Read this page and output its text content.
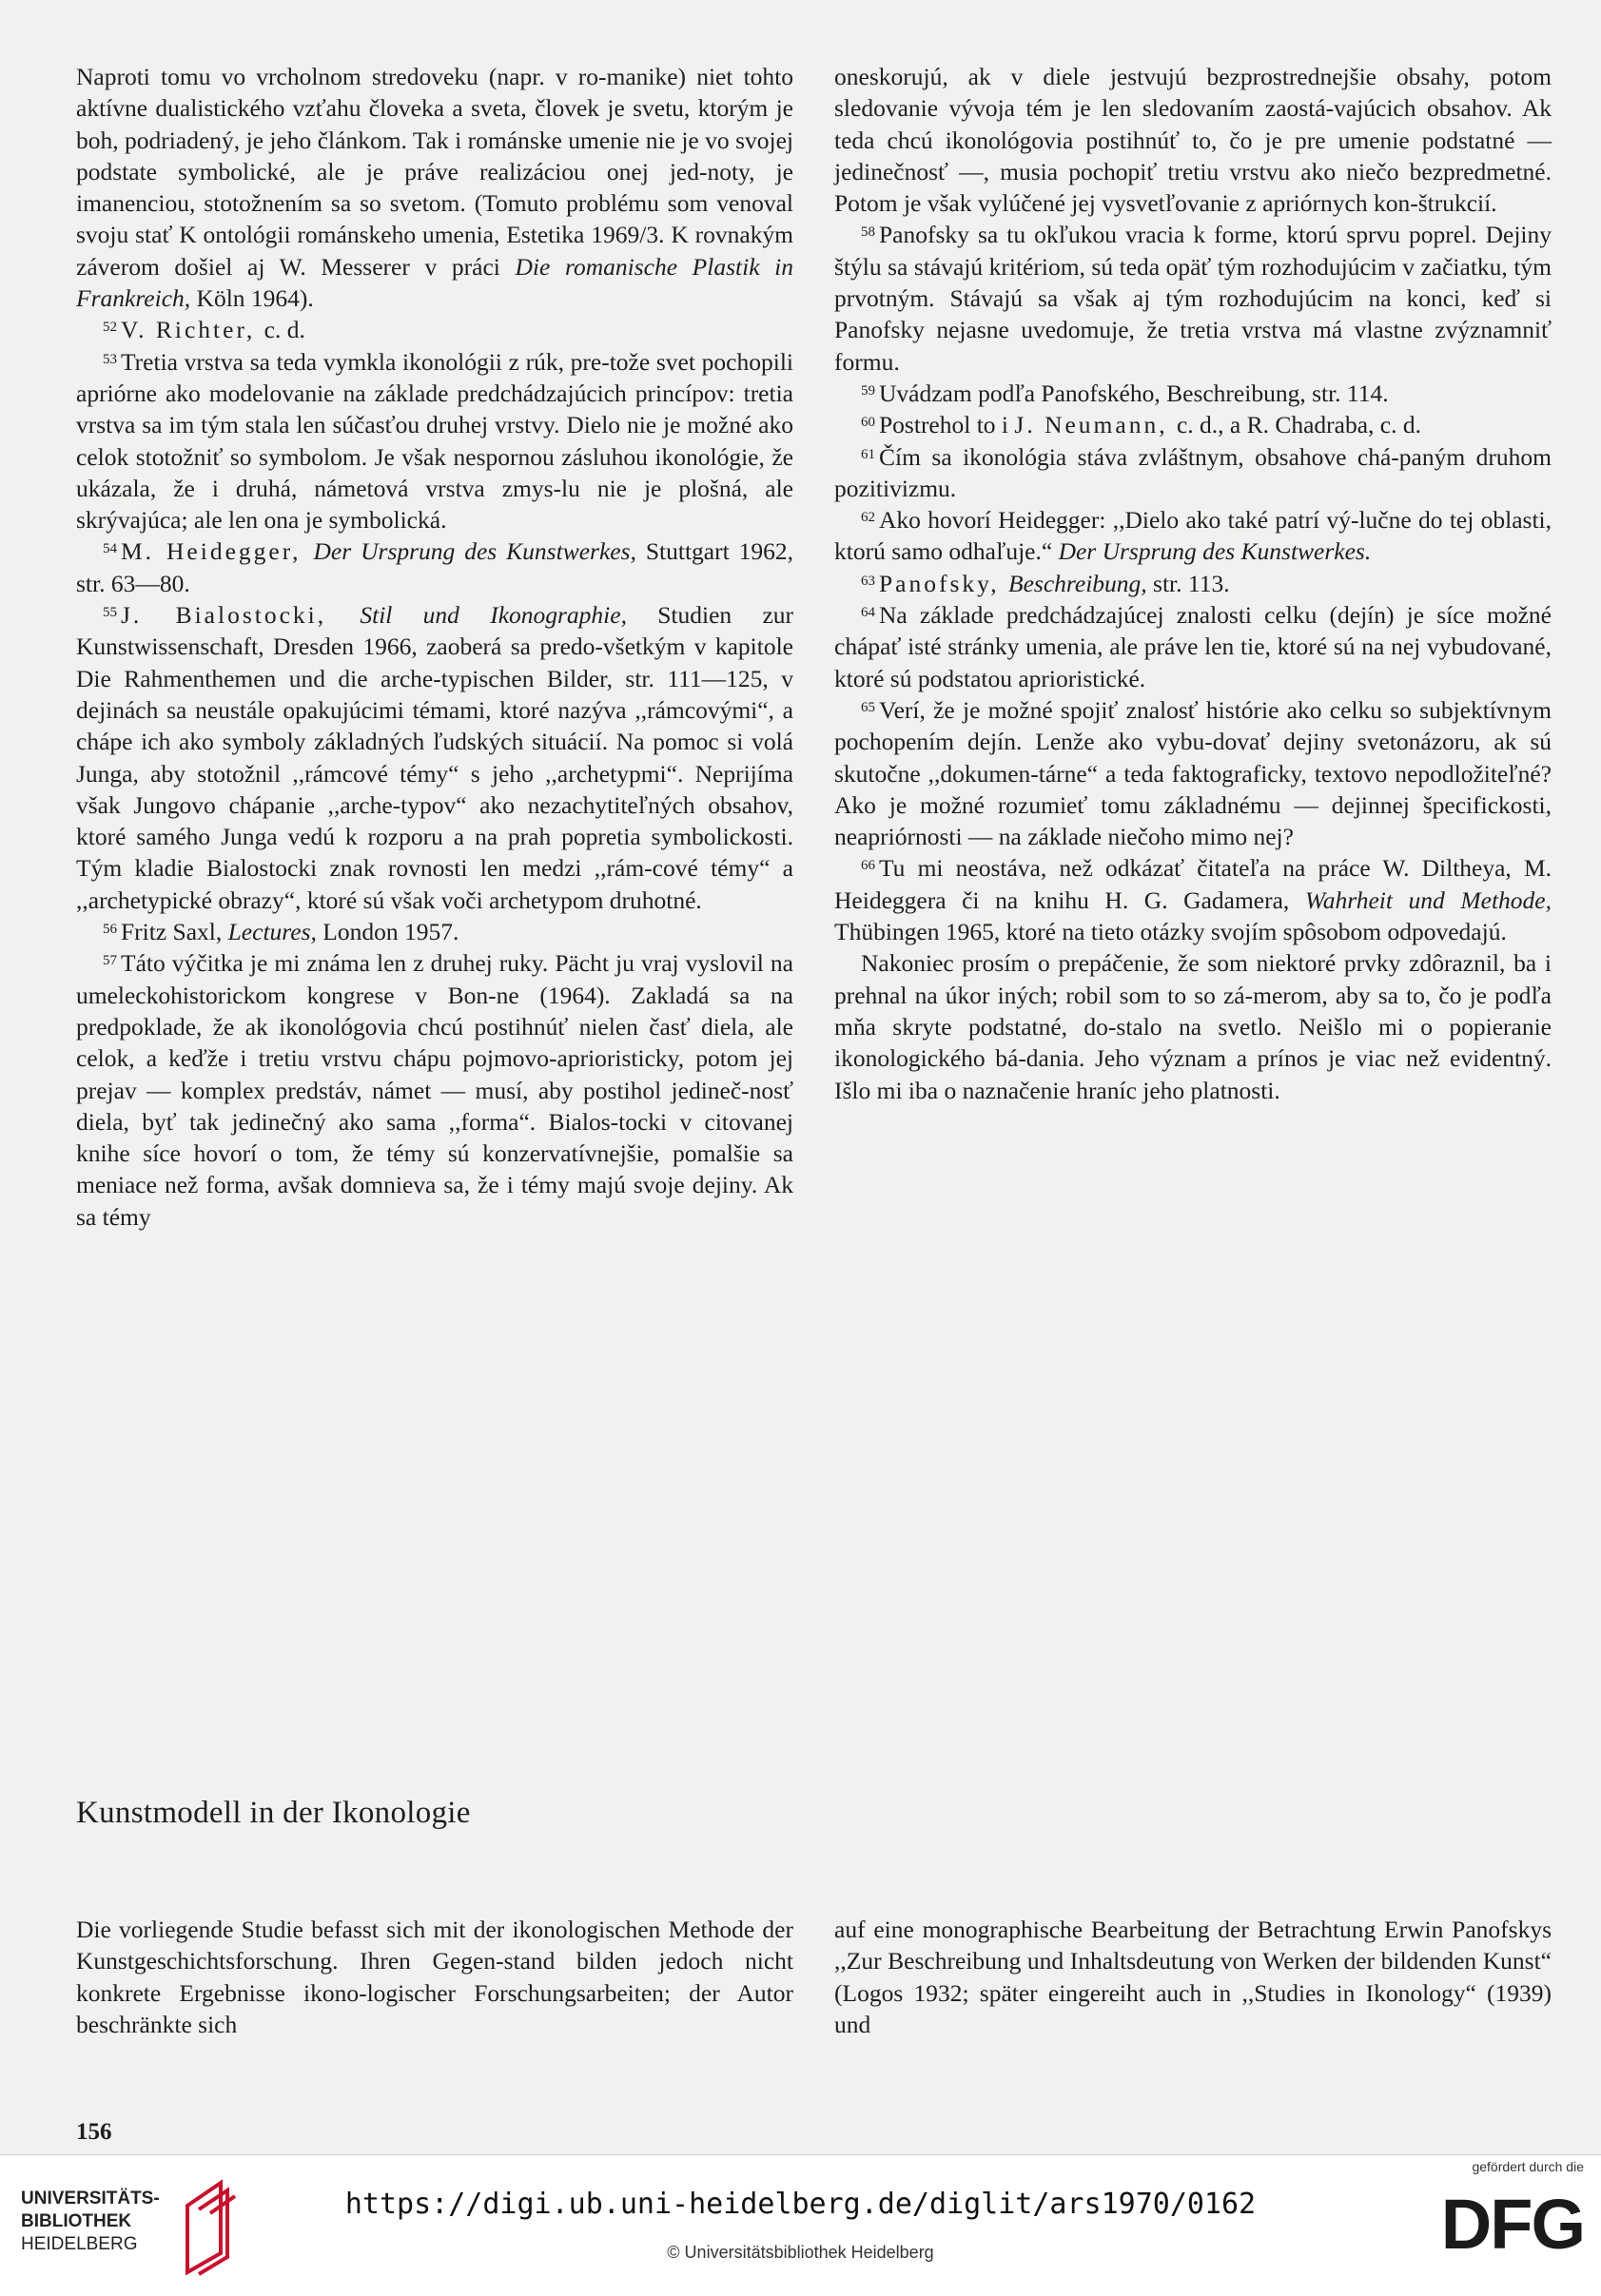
Naproti tomu vo vrcholnom stredoveku (napr. v ro-manike) niet tohto aktívne dualistického vzťahu človeka a sveta, človek je svetu, ktorým je boh, podriadený, je jeho článkom. Tak i románske umenie nie je vo svojej podstate symbolické, ale je práve realizáciou onej jed-noty, je imanenciou, stotožnením sa so svetom. (Tomuto problému som venoval svoju stať K ontológii románskeho umenia, Estetika 1969/3. K rovnakým záverom došiel aj W. Messerer v práci Die romanische Plastik in Frankreich, Köln 1964).

$^{52}$ V. Richter, c. d.

$^{53}$ Tretia vrstva sa teda vymkla ikonológii z rúk, pre-tože svet pochopili apriórne ako modelovanie na základe predchádzajúcich princípov: tretia vrstva sa im tým stala len súčasťou druhej vrstvy. Dielo nie je možné ako celok stotožniť so symbolom. Je však nespornou zásluhou ikonológie, že ukázala, že i druhá, námetová vrstva zmys-lu nie je plošná, ale skrývajúca; ale len ona je symbolická.

$^{54}$ M. Heidegger, Der Ursprung des Kunstwerkes, Stuttgart 1962, str. 63—80.

$^{55}$ J. Bialostocki, Stil und Ikonographie, Studien zur Kunstwissenschaft, Dresden 1966, zaoberá sa predo-všetkým v kapitole Die Rahmenthemen und die arche-typischen Bilder, str. 111—125, v dejinách sa neustále opakujúcimi témami, ktoré nazýva ,,rámcovými“, a chápe ich ako symboly základných ľudských situácií. Na pomoc si volá Junga, aby stotožnil ,,rámcové témy“ s jeho ,,archetypmi“. Neprijíma však Jungovo chápanie ,,arche-typov“ ako nezachytiteľných obsahov, ktoré samého Junga vedú k rozporu a na prah popretia symbolickosti. Tým kladie Bialostocki znak rovnosti len medzi ,,rám-cové témy“ a ,,archetypické obrazy“, ktoré sú však voči archetypom druhotné.

$^{56}$ Fritz Saxl, Lectures, London 1957.

$^{57}$ Táto výčitka je mi známa len z druhej ruky. Pächt ju vraj vyslovil na umeleckohistorickom kongrese v Bon-ne (1964). Zakladá sa na predpoklade, že ak ikonológovia chcú postihnúť nielen časť diela, ale celok, a keďže i tretiu vrstvu chápu pojmovo-aprioristicky, potom jej prejav — komplex predstáv, námet — musí, aby postihol jedineč-nosť diela, byť tak jedinečný ako sama ,,forma“. Bialos-tocki v citovanej knihe síce hovorí o tom, že témy sú konzervatívnejšie, pomalšie sa meniace než forma, avšak domnieva sa, že i témy majú svoje dejiny. Ak sa témy

oneskorujú, ak v diele jestvujú bezprostrednejšie obsahy, potom sledovanie vývoja tém je len sledovaním zaostá-vajúcich obsahov. Ak teda chcú ikonológovia postihnúť to, čo je pre umenie podstatné — jedinečnosť —, musia pochopiť tretiu vrstvu ako niečo bezpredmetné. Potom je však vylúčené jej vysvetľovanie z apriórnych kon-štrukcií.

$^{58}$ Panofsky sa tu okľukou vracia k forme, ktorú sprvu poprel. Dejiny štýlu sa stávajú kritériom, sú teda opäť tým rozhodujúcim v začiatku, tým prvotným. Stávajú sa však aj tým rozhodujúcim na konci, keď si Panofsky nejasne uvedomuje, že tretia vrstva má vlastne zvýznamniť formu.

$^{59}$ Uvádzam podľa Panofského, Beschreibung, str. 114.

$^{60}$ Postrehol to i J. Neumann, c. d., a R. Chadraba, c. d.

$^{61}$ Čím sa ikonológia stáva zvláštnym, obsahove chá-paným druhom pozitivizmu.

$^{62}$ Ako hovorí Heidegger: ,,Dielo ako také patrí vý-lučne do tej oblasti, ktorú samo odhaľuje.“ Der Ursprung des Kunstwerkes.

$^{63}$ Panofsky, Beschreibung, str. 113.

$^{64}$ Na základe predchádzajúcej znalosti celku (dejín) je síce možné chápať isté stránky umenia, ale práve len tie, ktoré sú na nej vybudované, ktoré sú podstatou aprioristické.

$^{65}$ Verí, že je možné spojiť znalosť histórie ako celku so subjektívnym pochopením dejín. Lenže ako vybu-dovať dejiny svetonázoru, ak sú skutočne ,,dokumen-tárne“ a teda faktograficky, textovo nepodložiteľné? Ako je možné rozumieť tomu základnému — dejinnej špecifickosti, neapriórnosti — na základe niečoho mimo nej?

$^{66}$ Tu mi neostáva, než odkázať čitateľa na práce W. Diltheya, M. Heideggera či na knihu H. G. Gadamera, Wahrheit und Methode, Thübingen 1965, ktoré na tieto otázky svojím spôsobom odpovedajú.

Nakoniec prosím o prepáčenie, že som niektoré prvky zdôraznil, ba i prehnal na úkor iných; robil som to so zá-merom, aby sa to, čo je podľa mňa skryte podstatné, do-stalo na svetlo. Neišlo mi o popieranie ikonologického bá-dania. Jeho význam a prínos je viac než evidentný. Išlo mi iba o naznačenie hraníc jeho platnosti.

Kunstmodell in der Ikonologie
Die vorliegende Studie befasst sich mit der ikonologischen Methode der Kunstgeschichtsforschung. Ihren Gegen-stand bilden jedoch nicht konkrete Ergebnisse ikono-logischer Forschungsarbeiten; der Autor beschränkte sich
auf eine monographische Bearbeitung der Betrachtung Erwin Panofskys ,,Zur Beschreibung und Inhaltsdeutung von Werken der bildenden Kunst“ (Logos 1932; später eingereiht auch in ,,Studies in Ikonology“ (1939) und
156
UNIVERSITÄTS-
BIBLIOTHEK
HEIDELBERG
https://digi.ub.uni-heidelberg.de/diglit/ars1970/0162
© Universitätsbibliothek Heidelberg
gefördert durch die
DFG
